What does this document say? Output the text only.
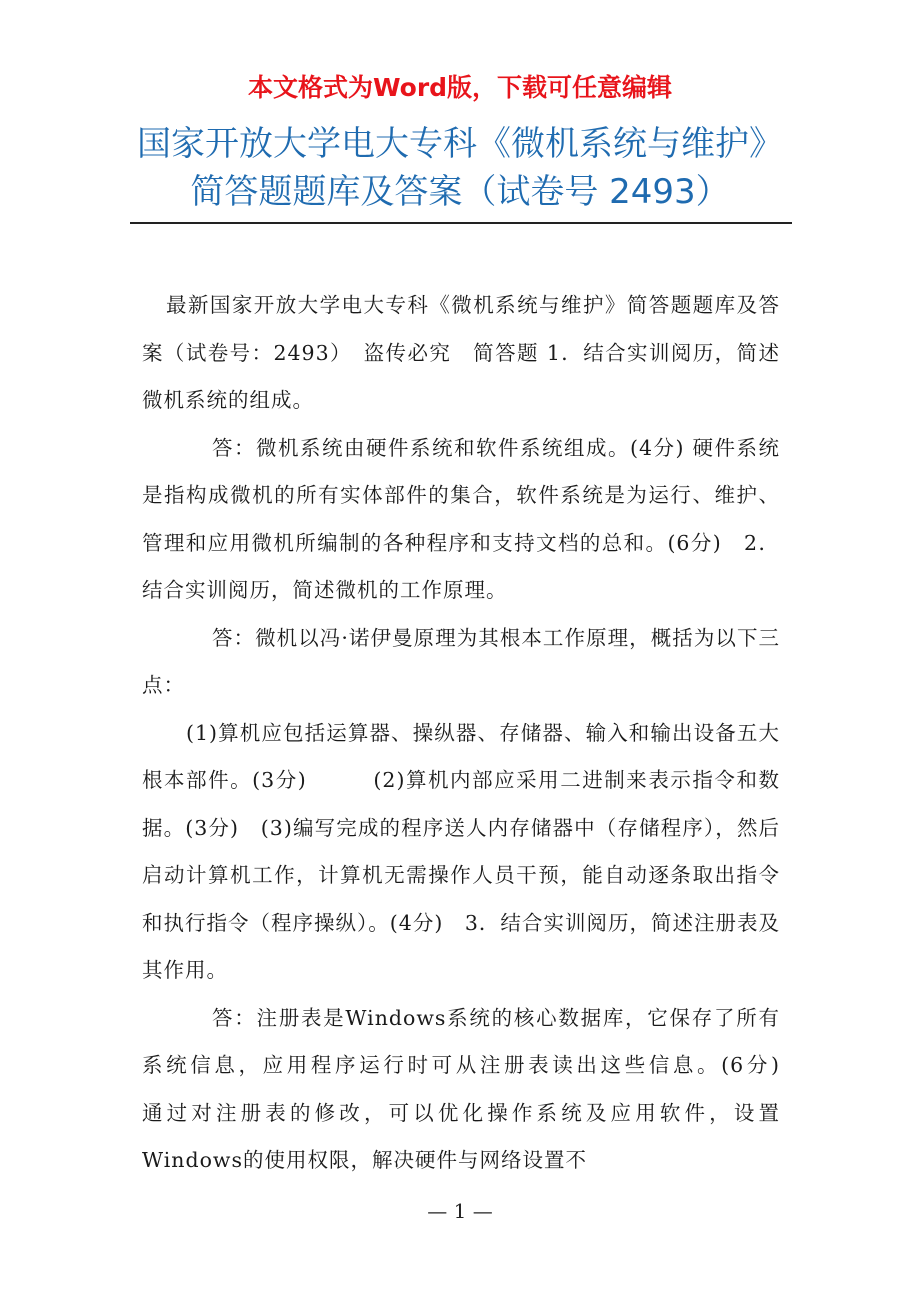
本文格式为Word版，下载可任意编辑
国家开放大学电大专科《微机系统与维护》
简答题题库及答案（试卷号 2493）

最新国家开放大学电大专科《微机系统与维护》简答题题库及答案（试卷号：2493）　盗传必究　简答题 1．结合实训阅历，简述微机系统的组成。

答：微机系统由硬件系统和软件系统组成。(4分) 硬件系统是指构成微机的所有实体部件的集合，软件系统是为运行、维护、管理和应用微机所编制的各种程序和支持文档的总和。(6分)　2．结合实训阅历，简述微机的工作原理。

答：微机以冯·诺伊曼原理为其根本工作原理，概括为以下三点：

(1)算机应包括运算器、操纵器、存储器、输入和输出设备五大根本部件。(3分)　　　(2)算机内部应采用二进制来表示指令和数据。(3分)　(3)编写完成的程序送人内存储器中（存储程序），然后启动计算机工作，计算机无需操作人员干预，能自动逐条取出指令和执行指令（程序操纵）。(4分)　3．结合实训阅历，简述注册表及其作用。

答：注册表是Windows系统的核心数据库，它保存了所有系统信息，应用程序运行时可从注册表读出这些信息。(6分)　　　通过对注册表的修改，可以优化操作系统及应用软件，设置Windows的使用权限，解决硬件与网络设置不

— 1 —
